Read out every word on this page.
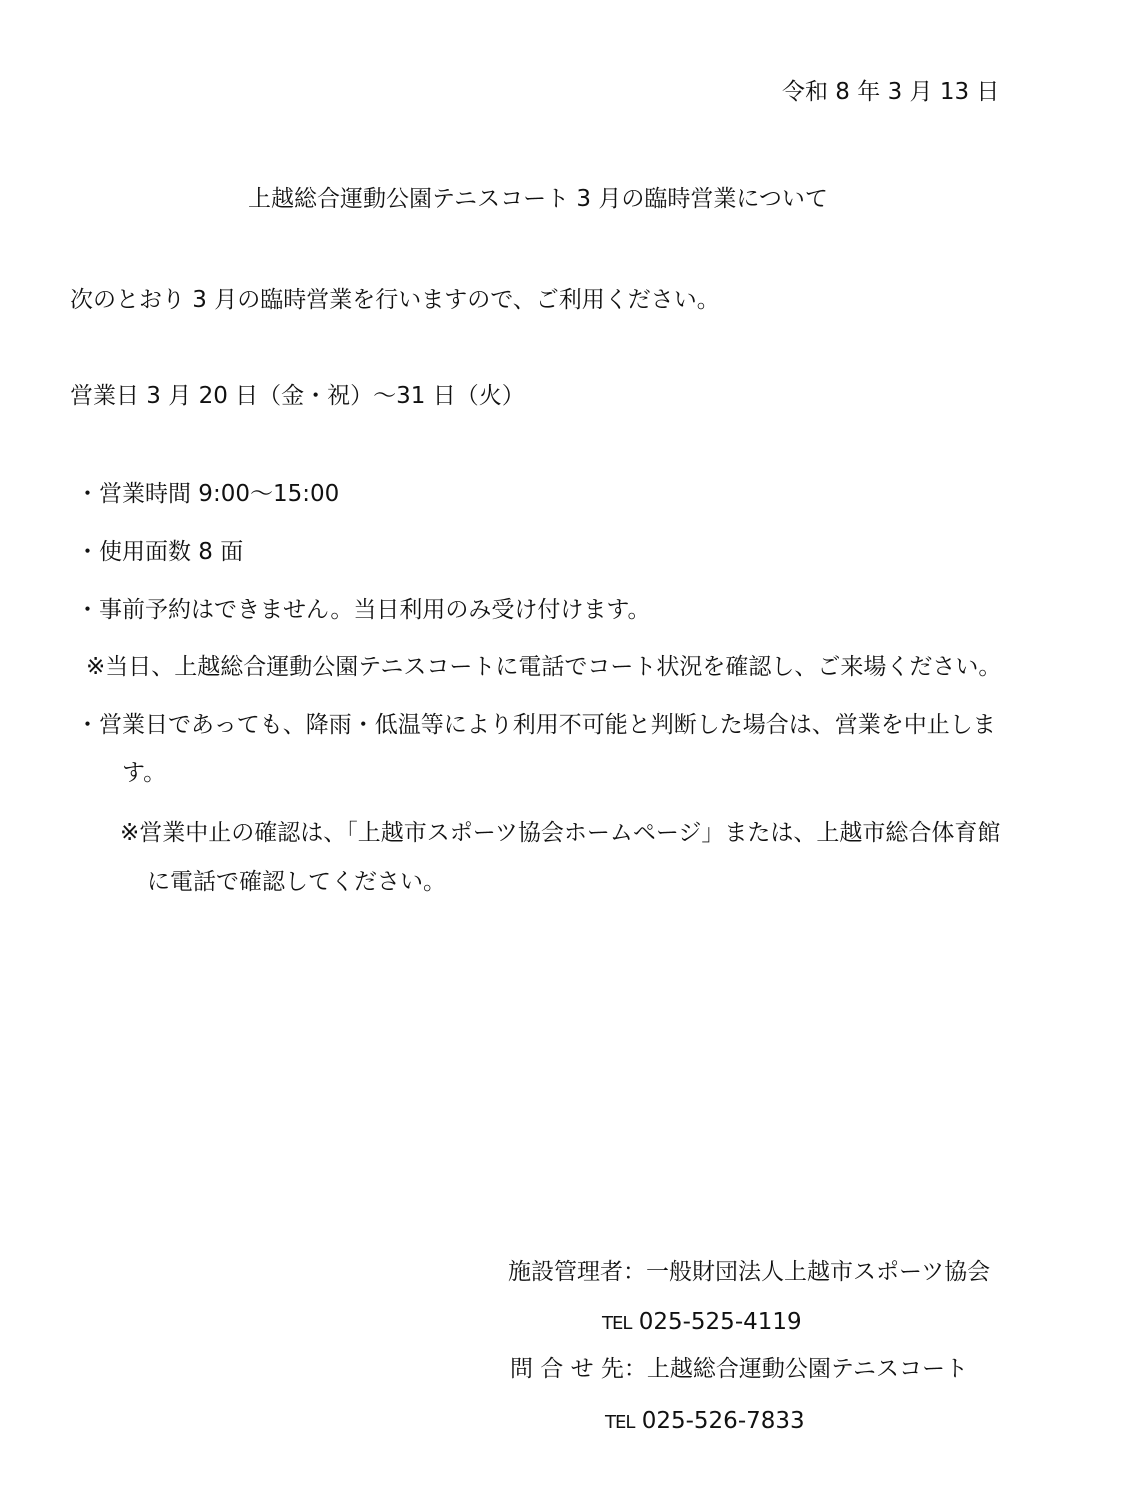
令和 8 年 3 月 13 日
上越総合運動公園テニスコート 3 月の臨時営業について
次のとおり 3 月の臨時営業を行いますので、ご利用ください。
営業日 3 月 20 日（金・祝）～31 日（火）
・営業時間 9:00～15:00
・使用面数 8 面
・事前予約はできません。当日利用のみ受け付けます。
※当日、上越総合運動公園テニスコートに電話でコート状況を確認し、ご来場ください。
・営業日であっても、降雨・低温等により利用不可能と判断した場合は、営業を中止しま
す。
※営業中止の確認は、「上越市スポーツ協会ホームページ」または、上越市総合体育館
に電話で確認してください。
施設管理者：一般財団法人上越市スポーツ協会
TEL 025-525-4119
問 合 せ 先：上越総合運動公園テニスコート
TEL 025-526-7833
